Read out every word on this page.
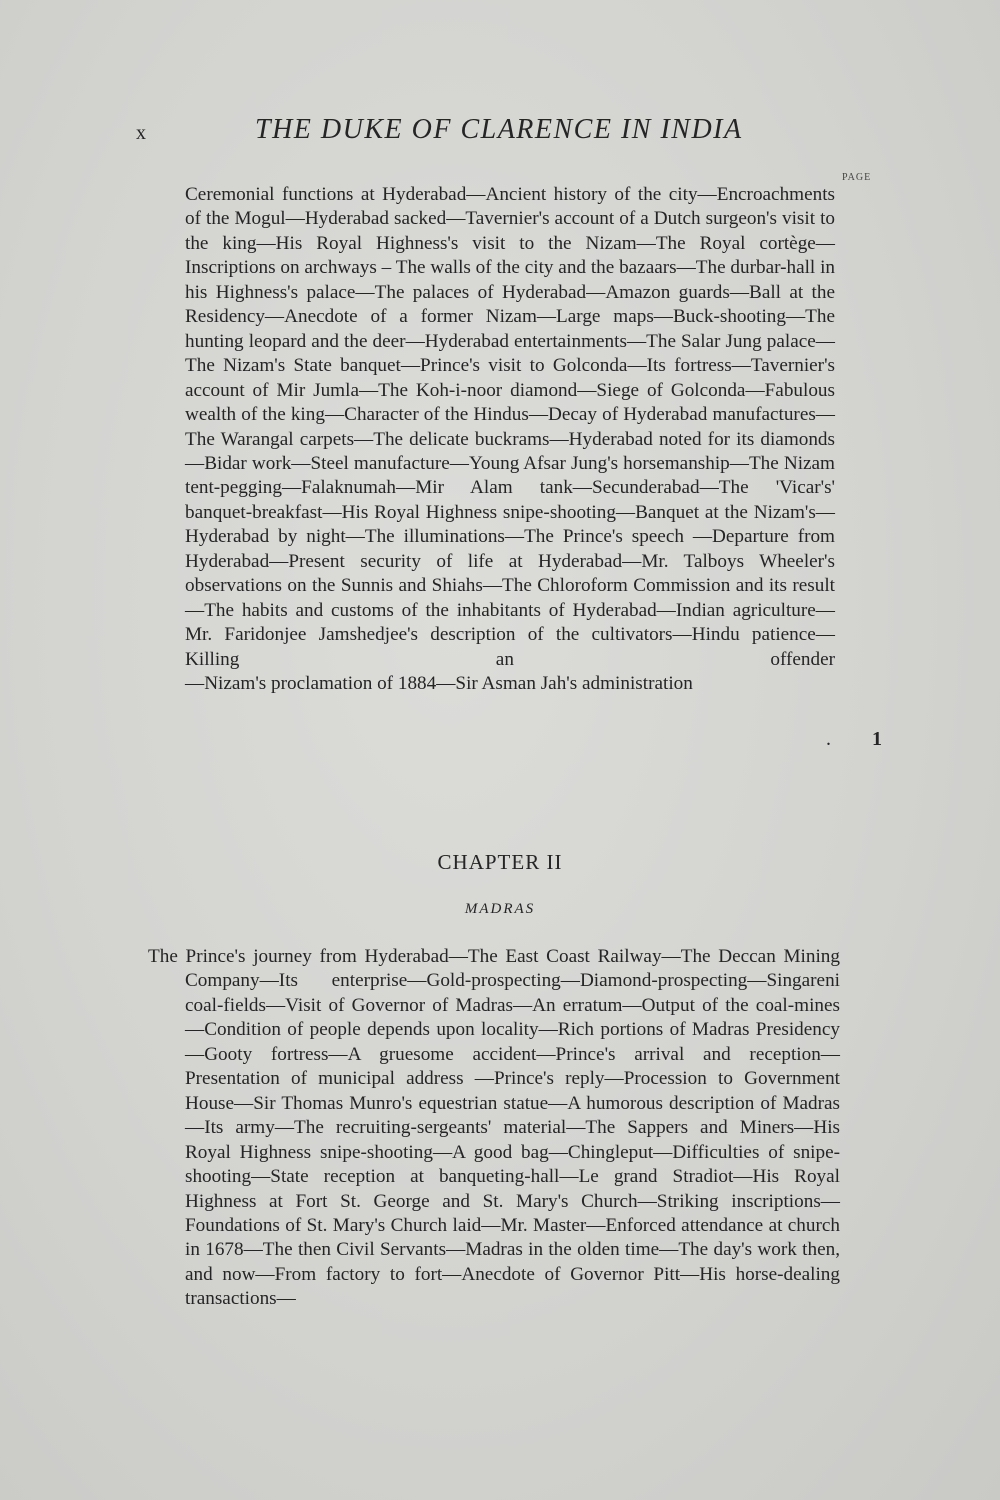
x	THE DUKE OF CLARENCE IN INDIA
PAGE

Ceremonial functions at Hyderabad—Ancient history of the city—Encroachments of the Mogul—Hyderabad sacked—Tavernier's account of a Dutch surgeon's visit to the king—His Royal Highness's visit to the Nizam—The Royal cortège—Inscriptions on archways – The walls of the city and the bazaars—The durbar-hall in his Highness's palace—The palaces of Hyderabad—Amazon guards—Ball at the Residency—Anecdote of a former Nizam—Large maps—Buck-shooting—The hunting leopard and the deer—Hyderabad entertainments—The Salar Jung palace—The Nizam's State banquet—Prince's visit to Golconda—Its fortress—Tavernier's account of Mir Jumla—The Koh-i-noor diamond—Siege of Golconda—Fabulous wealth of the king—Character of the Hindus—Decay of Hyderabad manufactures—The Warangal carpets—The delicate buckrams—Hyderabad noted for its diamonds—Bidar work—Steel manufacture—Young Afsar Jung's horsemanship—The Nizam tent-pegging—Falaknumah—Mir Alam tank—Secunderabad—The 'Vicar's' banquet-breakfast—His Royal Highness snipe-shooting—Banquet at the Nizam's—Hyderabad by night—The illuminations—The Prince's speech —Departure from Hyderabad—Present security of life at Hyderabad—Mr. Talboys Wheeler's observations on the Sunnis and Shiahs—The Chloroform Commission and its result—The habits and customs of the inhabitants of Hyderabad—Indian agriculture—Mr. Faridonjee Jamshedjee's description of the cultivators—Hindu patience—Killing an offender —Nizam's proclamation of 1884—Sir Asman Jah's administration

. 1
CHAPTER II
MADRAS

The Prince's journey from Hyderabad—The East Coast Railway—The Deccan Mining Company—Its enterprise—Gold-prospecting—Diamond-prospecting—Singareni coal-fields—Visit of Governor of Madras—An erratum—Output of the coal-mines—Condition of people depends upon locality—Rich portions of Madras Presidency—Gooty fortress—A gruesome accident—Prince's arrival and reception—Presentation of municipal address —Prince's reply—Procession to Government House—Sir Thomas Munro's equestrian statue—A humorous description of Madras—Its army—The recruiting-sergeants' material—The Sappers and Miners—His Royal Highness snipe-shooting—A good bag—Chingleput—Difficulties of snipe-shooting—State reception at banqueting-hall—Le grand Stradiot—His Royal Highness at Fort St. George and St. Mary's Church—Striking inscriptions—Foundations of St. Mary's Church laid—Mr. Master—Enforced attendance at church in 1678—The then Civil Servants—Madras in the olden time—The day's work then, and now—From factory to fort—Anecdote of Governor Pitt—His horse-dealing transactions—
